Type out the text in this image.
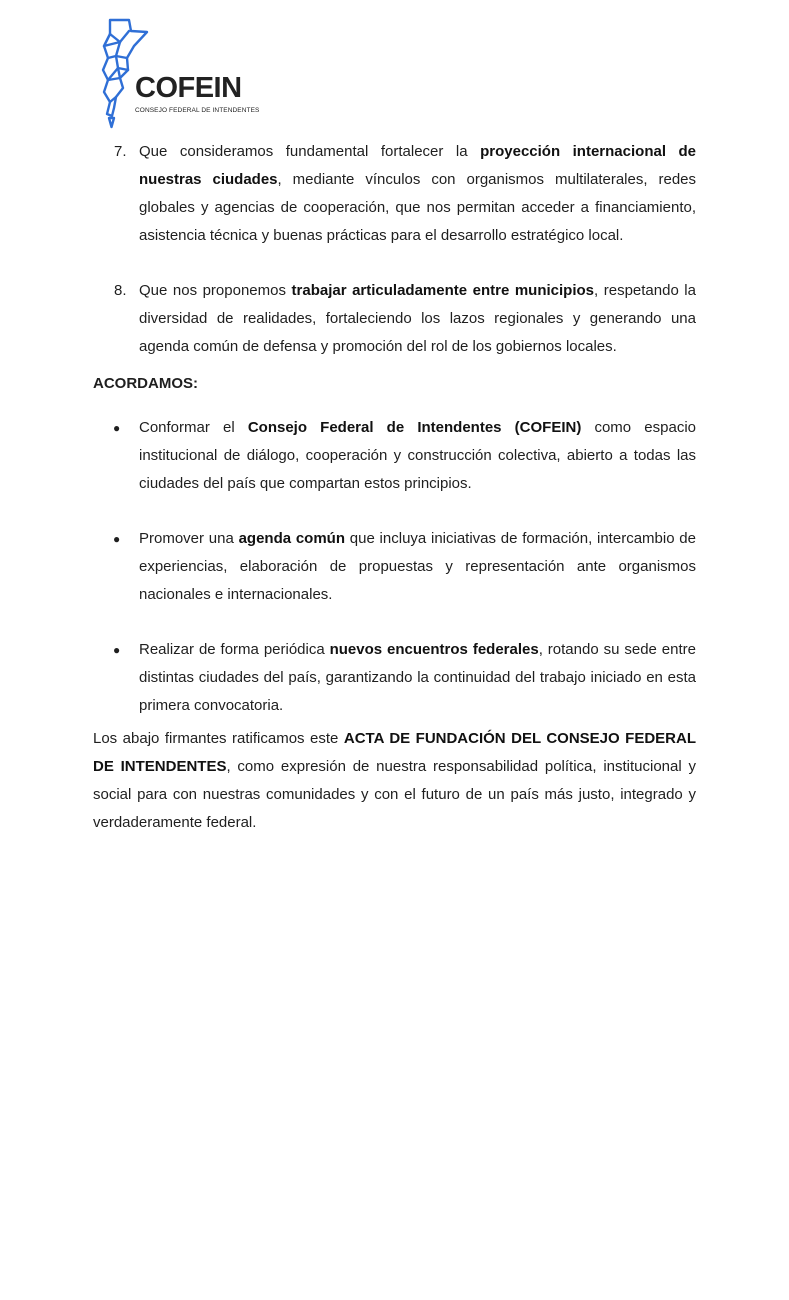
COFEIN
CONSEJO FEDERAL DE INTENDENTES
7. Que consideramos fundamental fortalecer la proyección internacional de nuestras ciudades, mediante vínculos con organismos multilaterales, redes globales y agencias de cooperación, que nos permitan acceder a financiamiento, asistencia técnica y buenas prácticas para el desarrollo estratégico local.

8. Que nos proponemos trabajar articuladamente entre municipios, respetando la diversidad de realidades, fortaleciendo los lazos regionales y generando una agenda común de defensa y promoción del rol de los gobiernos locales.

ACORDAMOS:

● Conformar el Consejo Federal de Intendentes (COFEIN) como espacio institucional de diálogo, cooperación y construcción colectiva, abierto a todas las ciudades del país que compartan estos principios.

● Promover una agenda común que incluya iniciativas de formación, intercambio de experiencias, elaboración de propuestas y representación ante organismos nacionales e internacionales.

● Realizar de forma periódica nuevos encuentros federales, rotando su sede entre distintas ciudades del país, garantizando la continuidad del trabajo iniciado en esta primera convocatoria.

Los abajo firmantes ratificamos este ACTA DE FUNDACIÓN DEL CONSEJO FEDERAL DE INTENDENTES, como expresión de nuestra responsabilidad política, institucional y social para con nuestras comunidades y con el futuro de un país más justo, integrado y verdaderamente federal.
